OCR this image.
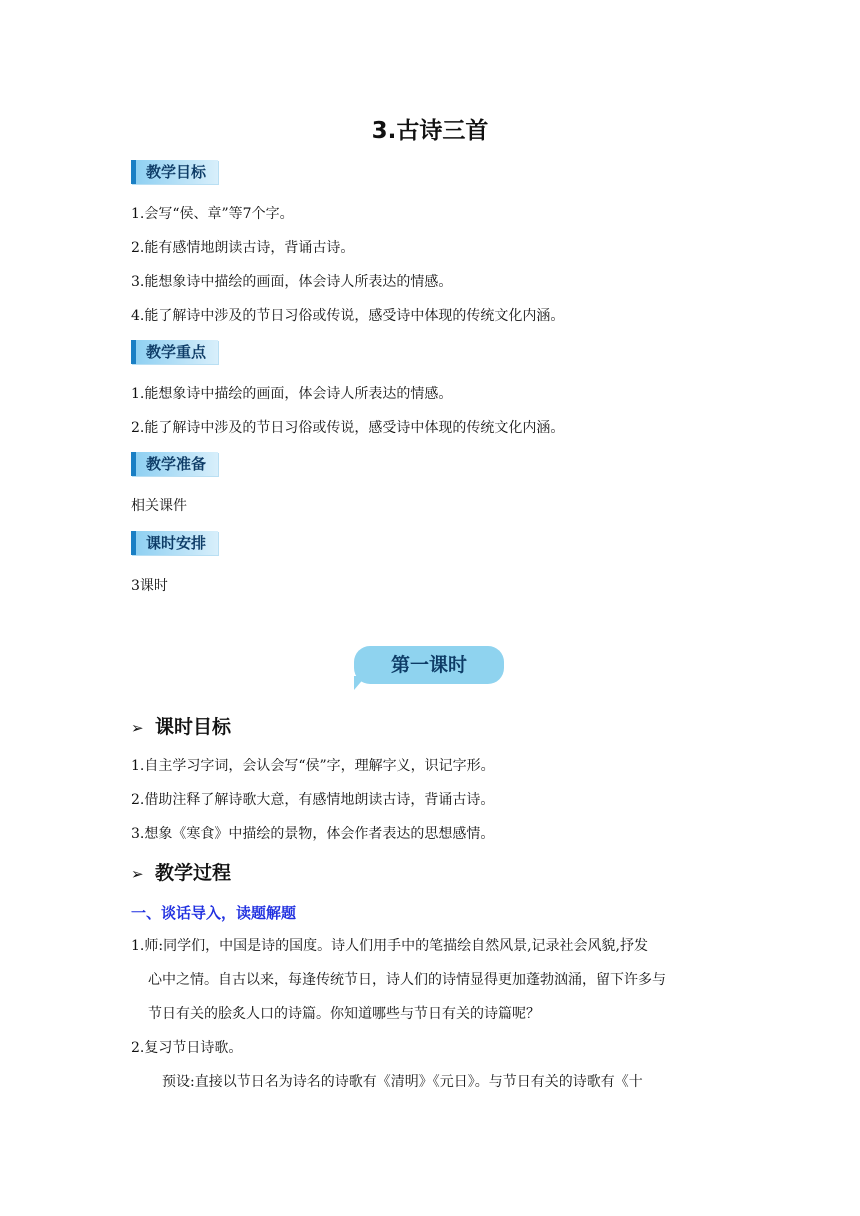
3.古诗三首
教学目标
1.会写“侯、章”等7个字。
2.能有感情地朗读古诗，背诵古诗。
3.能想象诗中描绘的画面，体会诗人所表达的情感。
4.能了解诗中涉及的节日习俗或传说，感受诗中体现的传统文化内涵。
教学重点
1.能想象诗中描绘的画面，体会诗人所表达的情感。
2.能了解诗中涉及的节日习俗或传说，感受诗中体现的传统文化内涵。
教学准备
相关课件
课时安排
3课时
第一课时
➢ 课时目标
1.自主学习字词，会认会写“侯”字，理解字义，识记字形。
2.借助注释了解诗歌大意，有感情地朗读古诗，背诵古诗。
3.想象《寒食》中描绘的景物，体会作者表达的思想感情。
➢ 教学过程
一、谈话导入，读题解题
1.师:同学们，中国是诗的国度。诗人们用手中的笔描绘自然风景,记录社会风貌,抒发
心中之情。自古以来，每逢传统节日，诗人们的诗情显得更加蓬勃汹涌，留下许多与
节日有关的脍炙人口的诗篇。你知道哪些与节日有关的诗篇呢？
2.复习节日诗歌。
预设:直接以节日名为诗名的诗歌有《清明》《元日》。与节日有关的诗歌有《十
